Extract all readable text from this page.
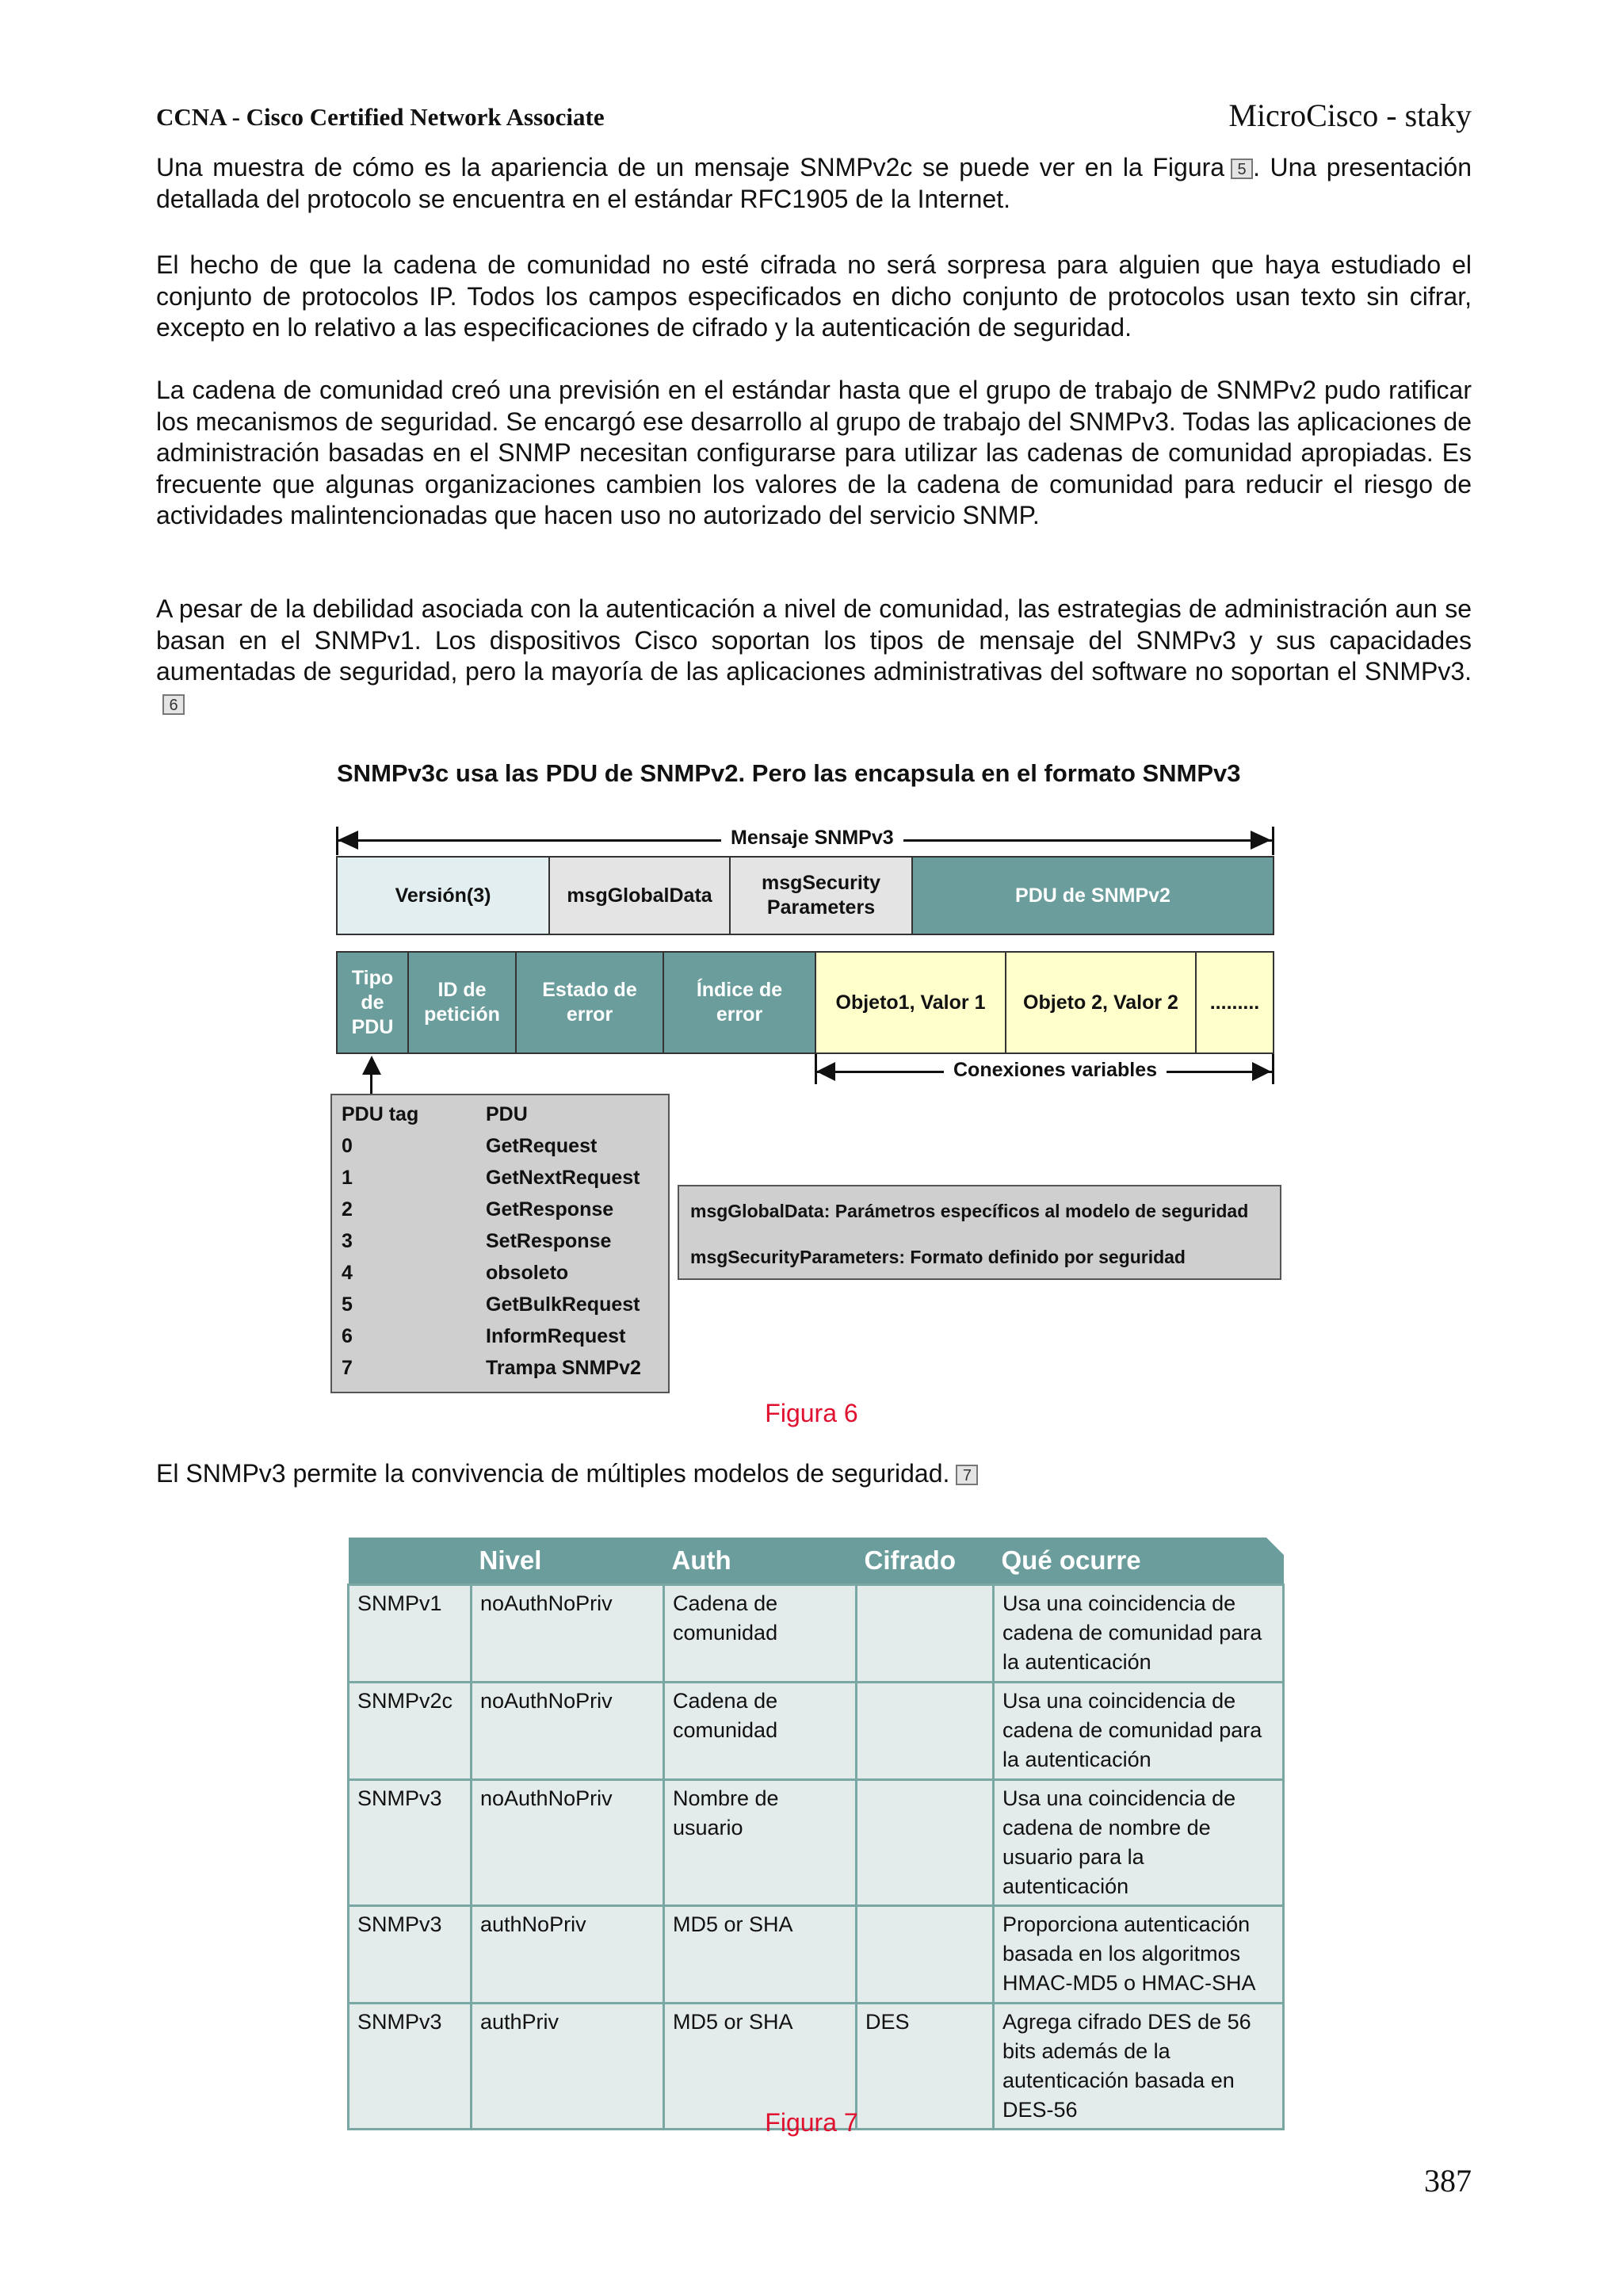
CCNA - Cisco Certified Network Associate	MicroCisco - staky

Una muestra de cómo es la apariencia de un mensaje SNMPv2c se puede ver en la Figura 5 . Una presentación detallada del protocolo se encuentra en el estándar RFC1905 de la Internet.

El hecho de que la cadena de comunidad no esté cifrada no será sorpresa para alguien que haya estudiado el conjunto de protocolos IP. Todos los campos especificados en dicho conjunto de protocolos usan texto sin cifrar, excepto en lo relativo a las especificaciones de cifrado y la autenticación de seguridad.

La cadena de comunidad creó una previsión en el estándar hasta que el grupo de trabajo de SNMPv2 pudo ratificar los mecanismos de seguridad. Se encargó ese desarrollo al grupo de trabajo del SNMPv3. Todas las aplicaciones de administración basadas en el SNMP necesitan configurarse para utilizar las cadenas de comunidad apropiadas. Es frecuente que algunas organizaciones cambien los valores de la cadena de comunidad para reducir el riesgo de actividades malintencionadas que hacen uso no autorizado del servicio SNMP.

A pesar de la debilidad asociada con la autenticación a nivel de comunidad, las estrategias de administración aun se basan en el SNMPv1. Los dispositivos Cisco soportan los tipos de mensaje del SNMPv3 y sus capacidades aumentadas de seguridad, pero la mayoría de las aplicaciones administrativas del software no soportan el SNMPv3.6

SNMPv3c usa las PDU de SNMPv2. Pero las encapsula en el formato SNMPv3
Mensaje SNMPv3
Versión(3)	msgGlobalData
msgSecurity Parameters
PDU de SNMPv2
Tipo de PDU
ID de petición
Estado de error
Índice de error
Objeto1, Valor 1	Objeto 2, Valor 2	.........
Conexiones variables
PDU tag	PDU
0	GetRequest
1	GetNextRequest
2	GetResponse
3	SetResponse
4	obsoleto
5	GetBulkRequest
6	InformRequest
7	Trampa SNMPv2
msgGlobalData: Parámetros específicos al modelo de seguridad
msgSecurityParameters: Formato definido por seguridad
Figura 6

El SNMPv3 permite la convivencia de múltiples modelos de seguridad. 7

	Nivel	Auth	Cifrado	Qué ocurre

SNMPv1	noAuthNoPriv	Cadena de comunidad		Usa una coincidencia de cadena de comunidad para la autenticación
SNMPv2c	noAuthNoPriv	Cadena de comunidad		Usa una coincidencia de cadena de comunidad para la autenticación
SNMPv3	noAuthNoPriv	Nombre de usuario		Usa una coincidencia de cadena de nombre de usuario para la autenticación
SNMPv3	authNoPriv	MD5 or SHA		Proporciona autenticación basada en los algoritmos HMAC-MD5 o HMAC-SHA
SNMPv3	authPriv	MD5 or SHA	DES	Agrega cifrado DES de 56 bits además de la autenticación basada en DES-56
Figura 7
387
